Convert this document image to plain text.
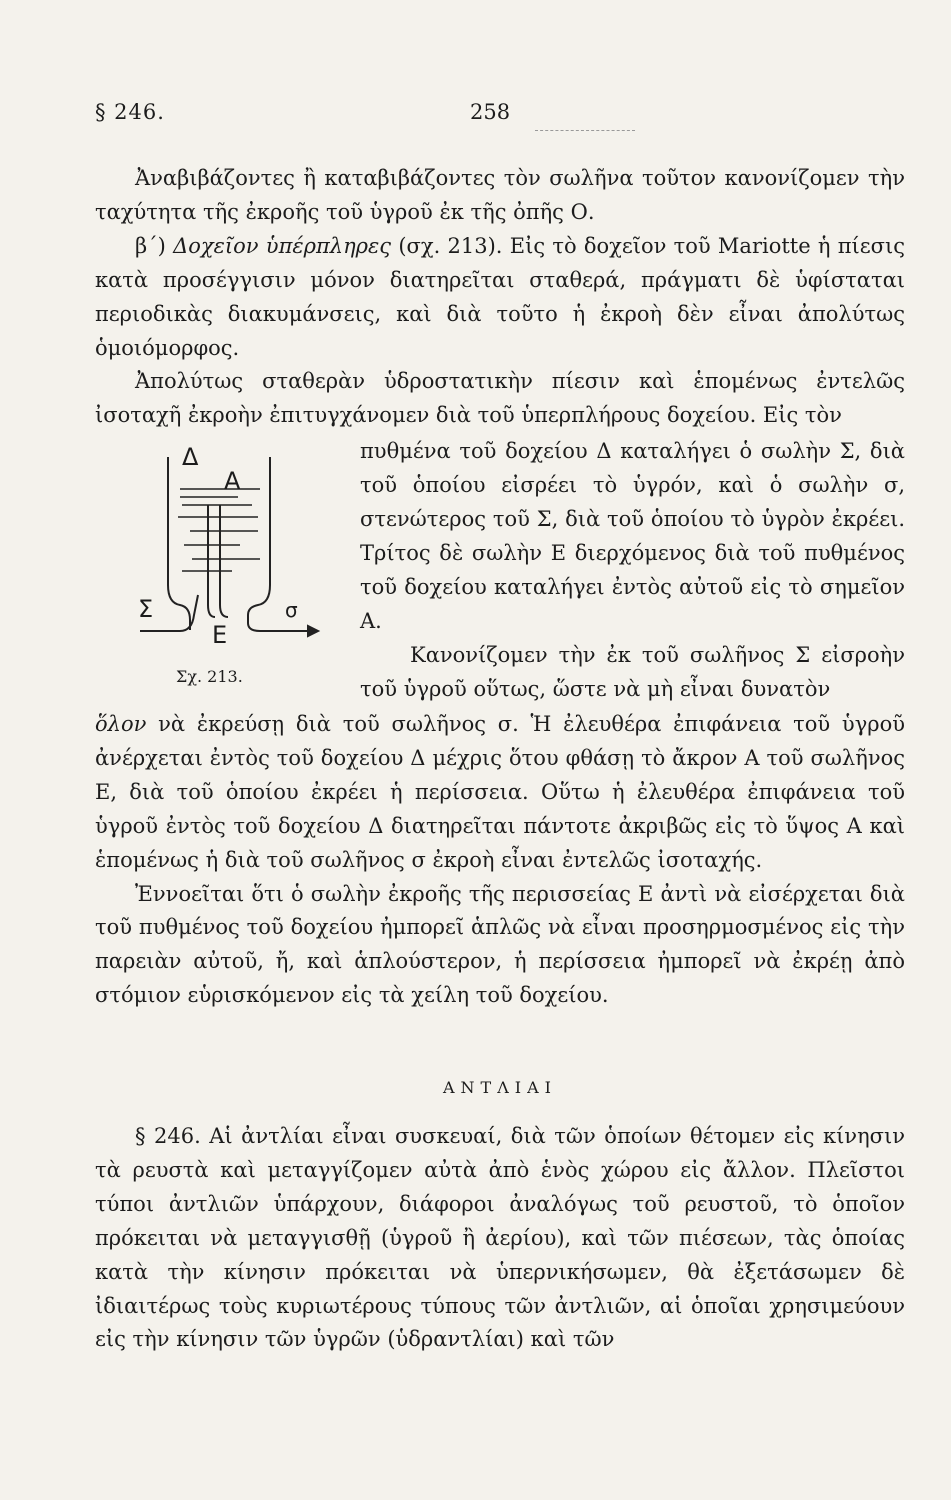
§ 246.	258

Ἀναβιβάζοντες ἢ καταβιβάζοντες τὸν σωλῆνα τοῦτον κανονίζομεν τὴν ταχύτητα τῆς ἐκροῆς τοῦ ὑγροῦ ἐκ τῆς ὀπῆς Ο.

β΄) Δοχεῖον ὑπέρπληρες (σχ. 213). Εἰς τὸ δοχεῖον τοῦ Mariotte ἡ πίεσις κατὰ προσέγγισιν μόνον διατηρεῖται σταθερά, πράγματι δὲ ὑφίσταται περιοδικὰς διακυμάνσεις, καὶ διὰ τοῦτο ἡ ἐκροὴ δὲν εἶναι ἀπολύτως ὁμοιόμορφος.

Ἀπολύτως σταθερὰν ὑδροστατικὴν πίεσιν καὶ ἑπομένως ἐντελῶς ἰσοταχῆ ἐκροὴν ἐπιτυγχάνομεν διὰ τοῦ ὑπερπλήρους δοχείου. Εἰς τὸν

Δ
Α
Σ
Ε
σ
Σχ. 213.
πυθμένα τοῦ δοχείου Δ καταλήγει ὁ σωλὴν Σ, διὰ τοῦ ὁποίου εἰσρέει τὸ ὑγρόν, καὶ ὁ σωλὴν σ, στενώτερος τοῦ Σ, διὰ τοῦ ὁποίου τὸ ὑγρὸν ἐκρέει. Τρίτος δὲ σωλὴν Ε διερχόμενος διὰ τοῦ πυθμένος τοῦ δοχείου καταλήγει ἐντὸς αὐτοῦ εἰς τὸ σημεῖον Α.
Κανονίζομεν τὴν ἐκ τοῦ σωλῆνος Σ εἰσροὴν τοῦ ὑγροῦ οὕτως, ὥστε νὰ μὴ εἶναι δυνατὸν
ὅλον νὰ ἐκρεύσῃ διὰ τοῦ σωλῆνος σ. Ἡ ἐλευθέρα ἐπιφάνεια τοῦ ὑγροῦ ἀνέρχεται ἐντὸς τοῦ δοχείου Δ μέχρις ὅτου φθάσῃ τὸ ἄκρον Α τοῦ σωλῆνος Ε, διὰ τοῦ ὁποίου ἐκρέει ἡ περίσσεια. Οὕτω ἡ ἐλευθέρα ἐπιφάνεια τοῦ ὑγροῦ ἐντὸς τοῦ δοχείου Δ διατηρεῖται πάντοτε ἀκριβῶς εἰς τὸ ὕψος Α καὶ ἑπομένως ἡ διὰ τοῦ σωλῆνος σ ἐκροὴ εἶναι ἐντελῶς ἰσοταχής.
Ἐννοεῖται ὅτι ὁ σωλὴν ἐκροῆς τῆς περισσείας Ε ἀντὶ νὰ εἰσέρχεται διὰ τοῦ πυθμένος τοῦ δοχείου ἠμπορεῖ ἁπλῶς νὰ εἶναι προσηρμοσμένος εἰς τὴν παρειὰν αὐτοῦ, ἤ, καὶ ἁπλούστερον, ἡ περίσσεια ἠμπορεῖ νὰ ἐκρέῃ ἀπὸ στόμιον εὑρισκόμενον εἰς τὰ χείλη τοῦ δοχείου.
ΑΝΤΛΙΑΙ
§ 246. Αἱ ἀντλίαι εἶναι συσκευαί, διὰ τῶν ὁποίων θέτομεν εἰς κίνησιν τὰ ρευστὰ καὶ μεταγγίζομεν αὐτὰ ἀπὸ ἑνὸς χώρου εἰς ἄλλον. Πλεῖστοι τύποι ἀντλιῶν ὑπάρχουν, διάφοροι ἀναλόγως τοῦ ρευστοῦ, τὸ ὁποῖον πρόκειται νὰ μεταγγισθῇ (ὑγροῦ ἢ ἀερίου), καὶ τῶν πιέσεων, τὰς ὁποίας κατὰ τὴν κίνησιν πρόκειται νὰ ὑπερνικήσωμεν, θὰ ἐξετάσωμεν δὲ ἰδιαιτέρως τοὺς κυριωτέρους τύπους τῶν ἀντλιῶν, αἱ ὁποῖαι χρησιμεύουν εἰς τὴν κίνησιν τῶν ὑγρῶν (ὑδραντλίαι) καὶ τῶν
